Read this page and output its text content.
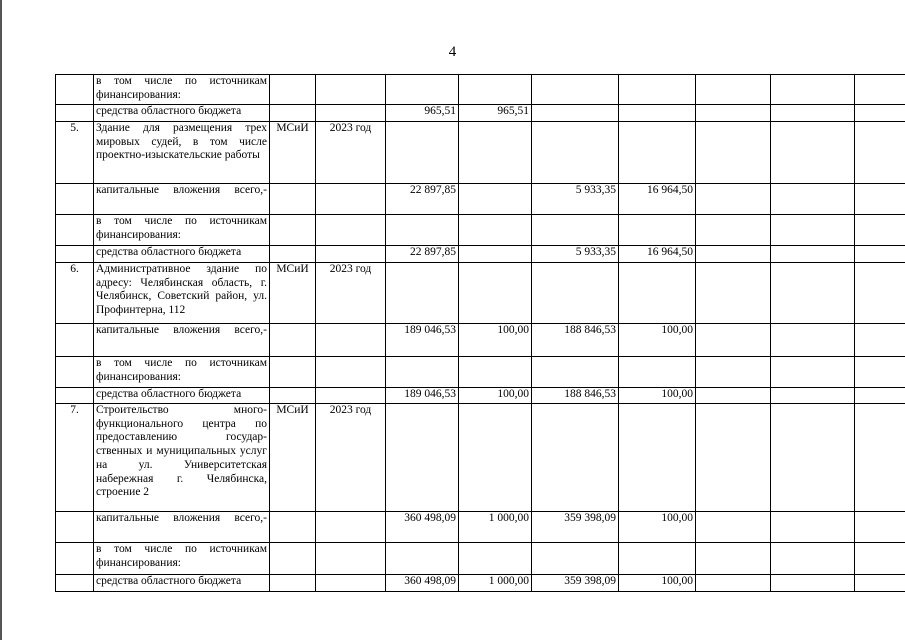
4
	в том числе по источникам финансирования:									
	средства областного бюджета			965,51	965,51					
5.	Здание для размещения трех мировых судей, в том числе проектно-изыскательские работы	МСиИ	2023 год							
	капитальные вложения всего, -			22 897,85		5 933,35	16 964,50			
	в том числе по источникам финансирования:									
	средства областного бюджета			22 897,85		5 933,35	16 964,50			
6.	Административное здание по адресу: Челябинская область, г. Челябинск, Советский район, ул. Профинтерна, 112	МСиИ	2023 год							
	капитальные вложения всего, -			189 046,53	100,00	188 846,53	100,00			
	в том числе по источникам финансирования:									
	средства областного бюджета			189 046,53	100,00	188 846,53	100,00			
7.	Строительство много-функционального центра по предоставлению государ-ственных и муниципальных услуг на ул. Университетская набережная г. Челябинска, строение 2	МСиИ	2023 год							
	капитальные вложения всего, -			360 498,09	1 000,00	359 398,09	100,00			
	в том числе по источникам финансирования:									
	средства областного бюджета			360 498,09	1 000,00	359 398,09	100,00			
